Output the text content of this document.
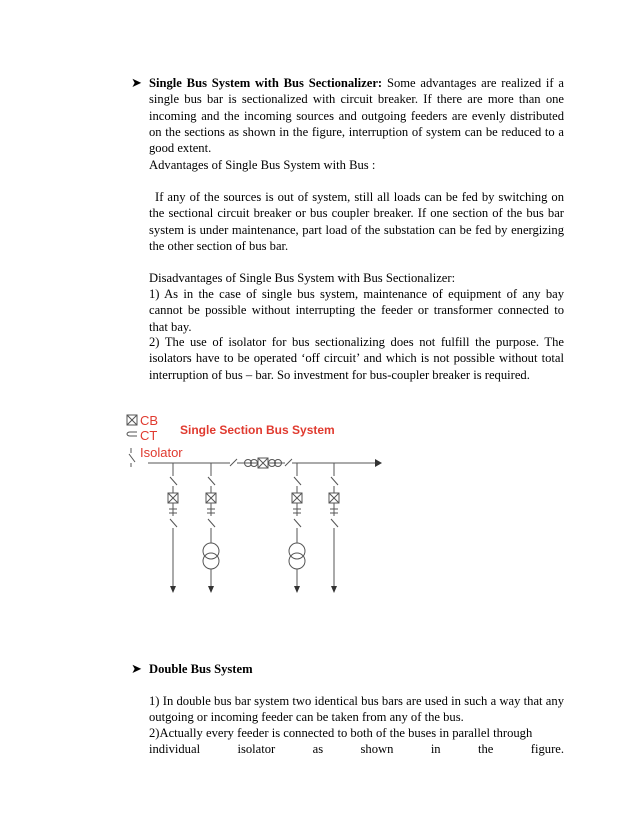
➤ Single Bus System with Bus Sectionalizer: Some advantages are realized if a single bus bar is sectionalized with circuit breaker. If there are more than one incoming and the incoming sources and outgoing feeders are evenly distributed on the sections as shown in the figure, interruption of system can be reduced to a good extent.
Advantages of Single Bus System with Bus :
If any of the sources is out of system, still all loads can be fed by switching on the sectional circuit breaker or bus coupler breaker. If one section of the bus bar system is under maintenance, part load of the substation can be fed by energizing the other section of bus bar.
Disadvantages of Single Bus System with Bus Sectionalizer:
1) As in the case of single bus system, maintenance of equipment of any bay cannot be possible without interrupting the feeder or transformer connected to that bay.
2) The use of isolator for bus sectionalizing does not fulfill the purpose. The isolators have to be operated ‘off circuit’ and which is not possible without total interruption of bus – bar. So investment for bus-coupler breaker is required.
CB
CT
Isolator
Single Section Bus System
➤ Double Bus System
1) In double bus bar system two identical bus bars are used in such a way that any outgoing or incoming feeder can be taken from any of the bus.
2)Actually every feeder is connected to both of the buses in parallel through
individual	isolator	as	shown	in	the	figure.
